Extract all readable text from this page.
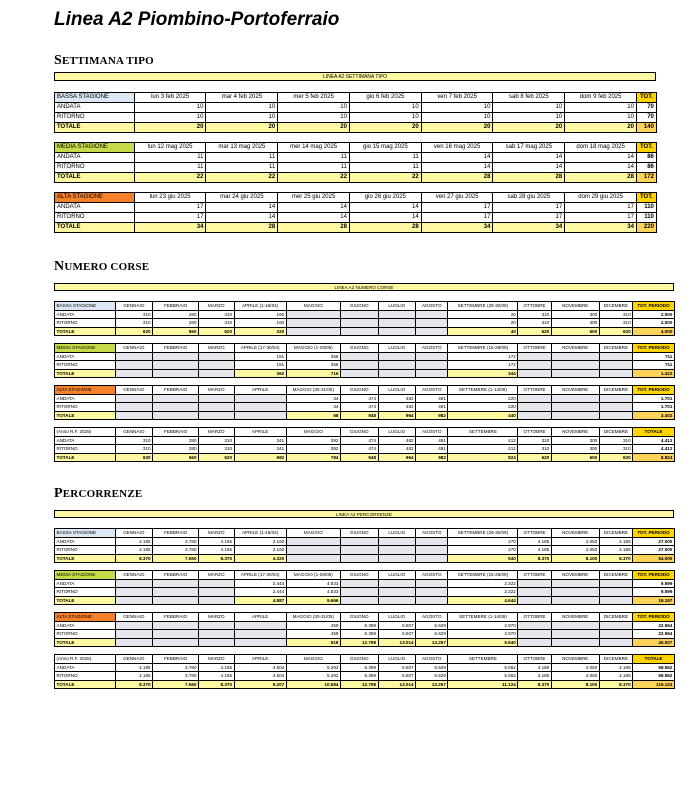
Linea A2 Piombino-Portoferraio
SETTIMANA TIPO
LINEA A2 SETTIMANA TIPO
BASSA STAGIONE	lun 3 feb 2025	mar 4 feb 2025	mer 5 feb 2025	gio 6 feb 2025	ven 7 feb 2025	sab 8 feb 2025	dom 9 feb 2025	TOT.
ANDATA	10	10	10	10	10	10	10	70
RITORNO	10	10	10	10	10	10	10	70
TOTALE	20	20	20	20	20	20	20	140
MEDIA STAGIONE	lun 12 mag 2025	mar 13 mag 2025	mer 14 mag 2025	gio 15 mag 2025	ven 16 mag 2025	sab 17 mag 2025	dom 18 mag 2025	TOT.
ANDATA	11	11	11	11	14	14	14	86
RITORNO	11	11	11	11	14	14	14	86
TOTALE	22	22	22	22	28	28	28	172
ALTA STAGIONE	lun 23 giu 2025	mar 24 giu 2025	mer 25 giu 2025	gio 26 giu 2025	ven 27 giu 2025	sab 28 giu 2025	dom 29 giu 2025	TOT.
ANDATA	17	14	14	14	17	17	17	110
RITORNO	17	14	14	14	17	17	17	110
TOTALE	34	28	28	28	34	34	34	220
NUMERO CORSE
LINEA A2 NUMERO CORSE
BASSA STAGIONE	GENNAIO	FEBBRAIO	MARZO	APRILE (1-16/04)	MAGGIO	GIUGNO	LUGLIO	AGOSTO	SETTEMBRE (29-30/09)	OTTOBRE	NOVEMBRE	DICEMBRE	TOT. PERIODO
ANDATA	310	280	310	160					20	310	300	310	2.000
RITORNO	310	280	310	160					20	310	300	310	2.000
TOTALE	620	560	620	320					40	620	600	620	4.000
MEDIA STAGIONE	GENNAIO	FEBBRAIO	MARZO	APRILE (17-30/04)	MAGGIO (1-29/05)	GIUGNO	LUGLIO	AGOSTO	SETTEMBRE (15-28/09)	OTTOBRE	NOVEMBRE	DICEMBRE	TOT. PERIODO
ANDATA				181	358				172				711
RITORNO				181	358				172				711
TOTALE				362	716				344				1.422
ALTA STAGIONE	GENNAIO	FEBBRAIO	MARZO	APRILE	MAGGIO (30-31/05)	GIUGNO	LUGLIO	AGOSTO	SETTEMBRE (1-14/09)	OTTOBRE	NOVEMBRE	DICEMBRE	TOT. PERIODO
ANDATA					34	474	482	491	220				1.701
RITORNO					34	474	482	491	220				1.701
TOTALE					68	948	964	982	440				3.402
(Anno R.F. 2025)	GENNAIO	FEBBRAIO	MARZO	APRILE	MAGGIO	GIUGNO	LUGLIO	AGOSTO	SETTEMBRE	OTTOBRE	NOVEMBRE	DICEMBRE	TOTALE
ANDATA	310	280	310	341	392	474	482	491	412	310	300	310	4.412
RITORNO	310	280	310	341	392	474	482	491	412	310	300	310	4.412
TOTALE	620	560	620	682	784	948	964	982	824	620	600	620	8.824
PERCORRENZE
LINEA A2 PERCORRENZE
BASSA STAGIONE	GENNAIO	FEBBRAIO	MARZO	APRILE (1-16/04)	MAGGIO	GIUGNO	LUGLIO	AGOSTO	SETTEMBRE (29-30/09)	OTTOBRE	NOVEMBRE	DICEMBRE	TOT. PERIODO
ANDATA	4.185	3.780	4.185	2.160					270	4.185	4.050	4.185	27.000
RITORNO	4.185	3.780	4.185	2.160					270	4.185	4.050	4.185	27.000
TOTALE	8.370	7.560	8.370	4.320					540	8.370	8.100	8.370	54.000
MEDIA STAGIONE	GENNAIO	FEBBRAIO	MARZO	APRILE (17-30/04)	MAGGIO (1-29/05)	GIUGNO	LUGLIO	AGOSTO	SETTEMBRE (15-28/09)	OTTOBRE	NOVEMBRE	DICEMBRE	TOT. PERIODO
ANDATA				2.444	4.833				2.322				9.599
RITORNO				2.444	4.833				2.322				9.599
TOTALE				4.887	9.666				4.644				19.197
ALTA STAGIONE	GENNAIO	FEBBRAIO	MARZO	APRILE	MAGGIO (30-31/05)	GIUGNO	LUGLIO	AGOSTO	SETTEMBRE (1-14/09)	OTTOBRE	NOVEMBRE	DICEMBRE	TOT. PERIODO
ANDATA					459	6.399	6.507	6.629	2.970				22.964
RITORNO					459	6.399	6.507	6.629	2.970				22.964
TOTALE					918	12.798	13.014	13.257	5.940				45.927
(Anno R.F. 2025)	GENNAIO	FEBBRAIO	MARZO	APRILE	MAGGIO	GIUGNO	LUGLIO	AGOSTO	SETTEMBRE	OTTOBRE	NOVEMBRE	DICEMBRE	TOTALE
ANDATA	4.185	3.780	4.185	4.604	5.292	6.399	6.507	6.629	5.562	4.185	4.050	4.185	59.562
RITORNO	4.185	3.780	4.185	4.604	5.292	6.399	6.507	6.629	5.562	4.185	4.050	4.185	59.562
TOTALE	8.370	7.560	8.370	9.207	10.584	12.798	13.014	13.257	11.124	8.370	8.100	8.370	119.124
